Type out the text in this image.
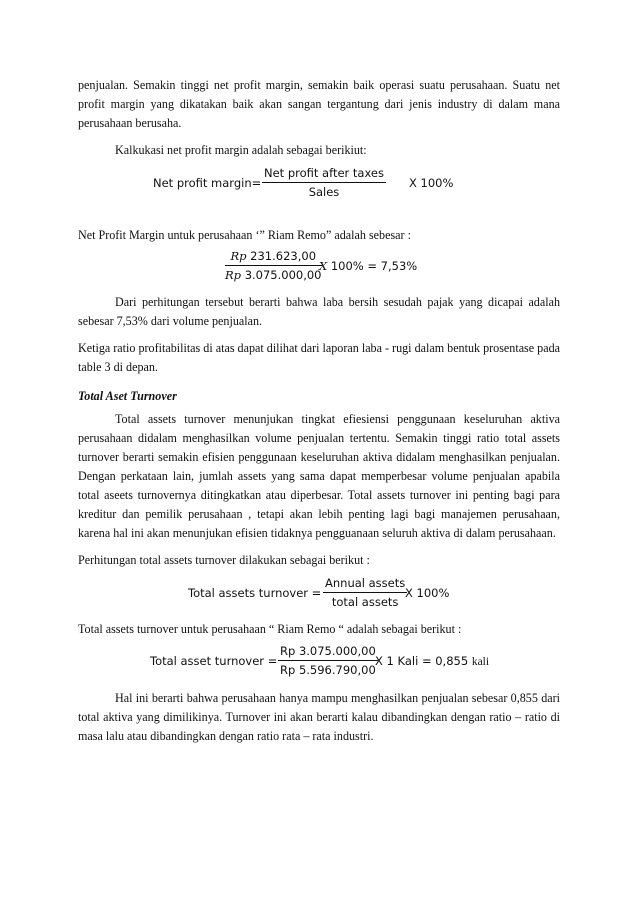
penjualan. Semakin tinggi net profit margin, semakin baik operasi suatu perusahaan. Suatu net profit margin yang dikatakan baik akan sangan tergantung dari jenis industry di dalam mana perusahaan berusaha.

Kalkukasi net profit margin adalah sebagai berikiut:

Net profit margin=
Net profit after taxes
Sales
X 100%

Net Profit Margin untuk perusahaan ‘” Riam Remo” adalah sebesar :

$\frac{Rp 231.623,00}{Rp 3.075.000,00}$
X 100% = 7,53%

Dari perhitungan tersebut berarti bahwa laba bersih sesudah pajak yang dicapai adalah sebesar 7,53% dari volume penjualan.

Ketiga ratio profitabilitas di atas dapat dilihat dari laporan laba - rugi dalam bentuk prosentase pada table 3 di depan.

Total Aset Turnover

Total assets turnover menunjukan tingkat efiesiensi penggunaan keseluruhan aktiva perusahaan didalam menghasilkan volume penjualan tertentu. Semakin tinggi ratio total assets turnover berarti semakin efisien penggunaan keseluruhan aktiva didalam menghasilkan penjualan. Dengan perkataan lain, jumlah assets yang sama dapat memperbesar volume penjualan apabila total aseets turnovernya ditingkatkan atau diperbesar. Total assets turnover ini penting bagi para kreditur dan pemilik perusahaan , tetapi akan lebih penting lagi bagi manajemen perusahaan, karena hal ini akan menunjukan efisien tidaknya pengguanaan seluruh aktiva di dalam perusahaan.

Perhitungan total assets turnover dilakukan sebagai berikut :

Total assets turnover =
Annual assets
total assets
X 100%

Total assets turnover untuk perusahaan “ Riam Remo “ adalah sebagai berikut :

Total asset turnover = $\frac{Rp 3.075.000,00}{Rp 5.596.790,00}$
X 1 Kali = 0,855 kali

Hal ini berarti bahwa perusahaan hanya mampu menghasilkan penjualan sebesar 0,855 dari total aktiva yang dimilikinya. Turnover ini akan berarti kalau dibandingkan dengan ratio – ratio di masa lalu atau dibandingkan dengan ratio rata – rata industri.
